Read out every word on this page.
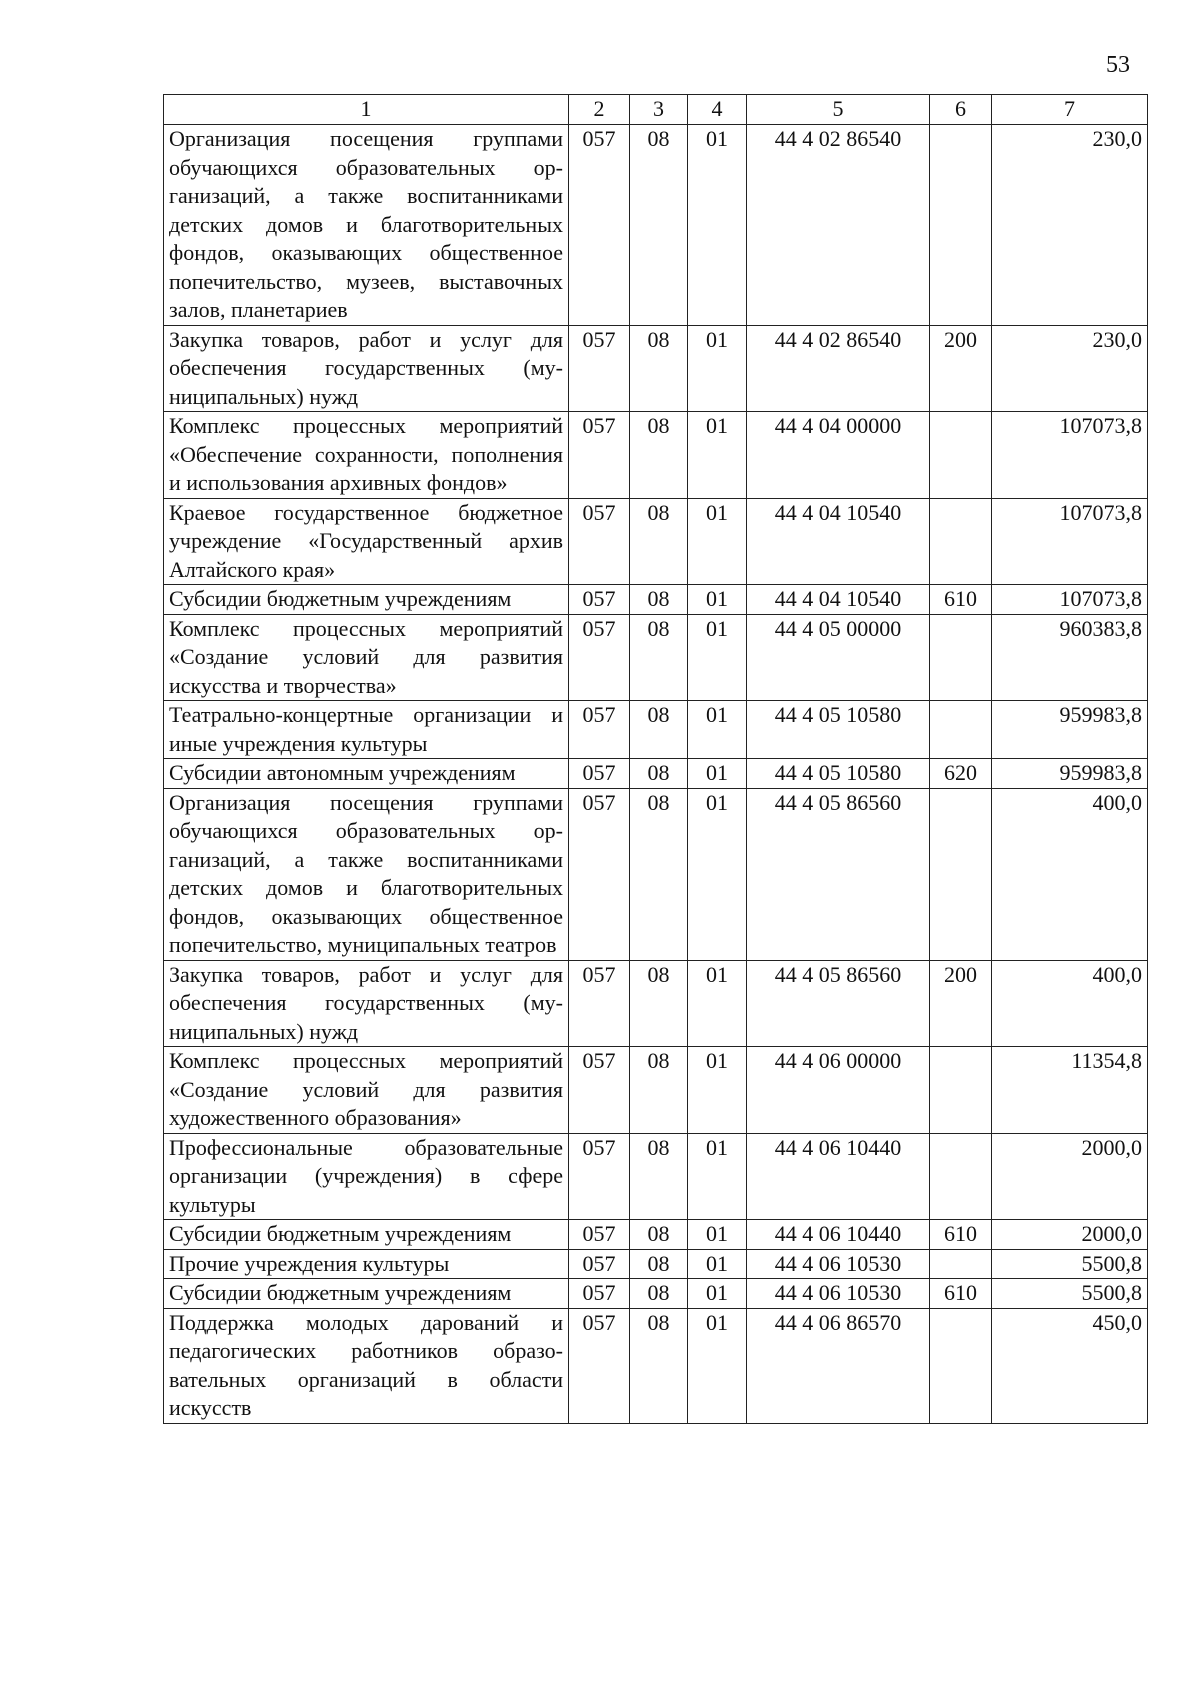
53
1	2	3	4	5	6	7
Организация посещения группами обучающихся образовательных организаций, а также воспитанниками детских домов и благотворительных фондов, оказывающих общественное попечительство, музеев, выставочных залов, планетариев	057	08	01	44 4 02 86540		230,0
Закупка товаров, работ и услуг для обеспечения государственных (муниципальных) нужд	057	08	01	44 4 02 86540	200	230,0
Комплекс процессных мероприятий «Обеспечение сохранности, пополнения и использования архивных фондов»	057	08	01	44 4 04 00000		107073,8
Краевое государственное бюджетное учреждение «Государственный архив Алтайского края»	057	08	01	44 4 04 10540		107073,8
Субсидии бюджетным учреждениям	057	08	01	44 4 04 10540	610	107073,8
Комплекс процессных мероприятий «Создание условий для развития искусства и творчества»	057	08	01	44 4 05 00000		960383,8
Театрально-концертные организации и иные учреждения культуры	057	08	01	44 4 05 10580		959983,8
Субсидии автономным учреждениям	057	08	01	44 4 05 10580	620	959983,8
Организация посещения группами обучающихся образовательных организаций, а также воспитанниками детских домов и благотворительных фондов, оказывающих общественное попечительство, муниципальных театров	057	08	01	44 4 05 86560		400,0
Закупка товаров, работ и услуг для обеспечения государственных (муниципальных) нужд	057	08	01	44 4 05 86560	200	400,0
Комплекс процессных мероприятий «Создание условий для развития художественного образования»	057	08	01	44 4 06 00000		11354,8
Профессиональные образовательные организации (учреждения) в сфере культуры	057	08	01	44 4 06 10440		2000,0
Субсидии бюджетным учреждениям	057	08	01	44 4 06 10440	610	2000,0
Прочие учреждения культуры	057	08	01	44 4 06 10530		5500,8
Субсидии бюджетным учреждениям	057	08	01	44 4 06 10530	610	5500,8
Поддержка молодых дарований и педагогических работников образовательных организаций в области искусств	057	08	01	44 4 06 86570		450,0
